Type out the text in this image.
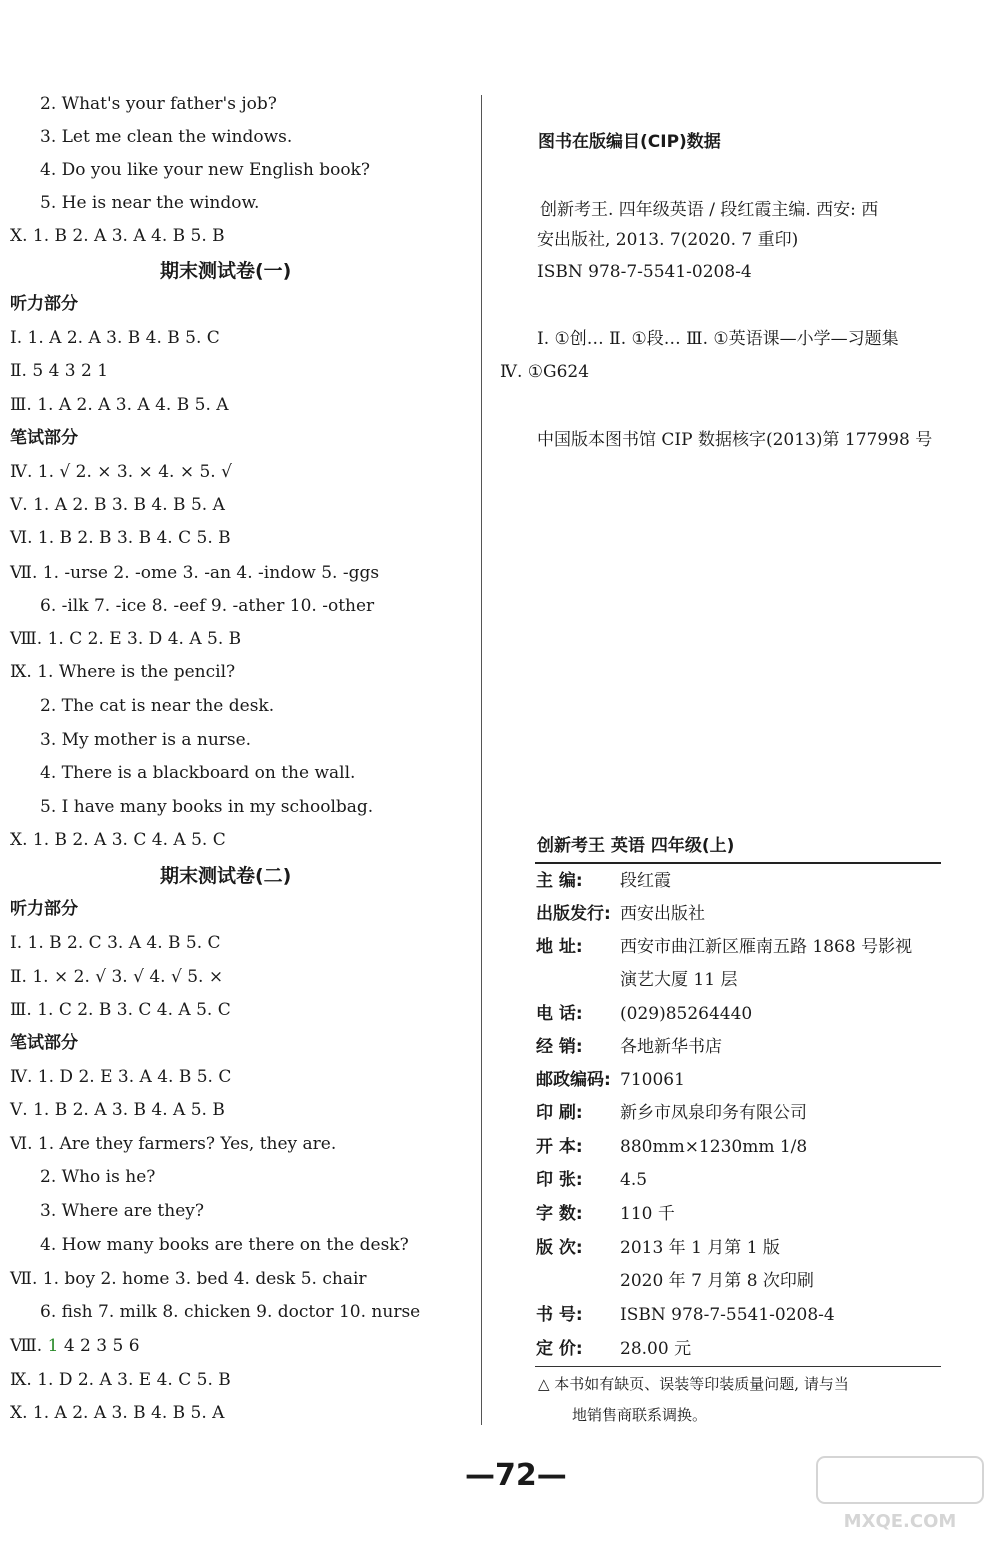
2. What's your father's job?
3. Let me clean the windows.
4. Do you like your new English book?
5. He is near the window.
Ⅹ. 1. B 2. A 3. A 4. B 5. B
期末测试卷(一)
听力部分
Ⅰ. 1. A 2. A 3. B 4. B 5. C
Ⅱ. 5 4 3 2 1
Ⅲ. 1. A 2. A 3. A 4. B 5. A
笔试部分
Ⅳ. 1. √ 2. × 3. × 4. × 5. √
Ⅴ. 1. A 2. B 3. B 4. B 5. A
Ⅵ. 1. B 2. B 3. B 4. C 5. B
Ⅶ. 1. -urse 2. -ome 3. -an 4. -indow 5. -ggs
6. -ilk 7. -ice 8. -eef 9. -ather 10. -other
Ⅷ. 1. C 2. E 3. D 4. A 5. B
Ⅸ. 1. Where is the pencil?
2. The cat is near the desk.
3. My mother is a nurse.
4. There is a blackboard on the wall.
5. I have many books in my schoolbag.
Ⅹ. 1. B 2. A 3. C 4. A 5. C
期末测试卷(二)
听力部分
Ⅰ. 1. B 2. C 3. A 4. B 5. C
Ⅱ. 1. × 2. √ 3. √ 4. √ 5. ×
Ⅲ. 1. C 2. B 3. C 4. A 5. C
笔试部分
Ⅳ. 1. D 2. E 3. A 4. B 5. C
Ⅴ. 1. B 2. A 3. B 4. A 5. B
Ⅵ. 1. Are they farmers? Yes, they are.
2. Who is he?
3. Where are they?
4. How many books are there on the desk?
Ⅶ. 1. boy 2. home 3. bed 4. desk 5. chair
6. fish 7. milk 8. chicken 9. doctor 10. nurse
Ⅷ. 1 4 2 3 5 6
Ⅸ. 1. D 2. A 3. E 4. C 5. B
Ⅹ. 1. A 2. A 3. B 4. B 5. A
图书在版编目(CIP)数据
创新考王. 四年级英语 / 段红霞主编. 西安: 西
安出版社, 2013. 7(2020. 7 重印)
ISBN 978-7-5541-0208-4
Ⅰ. ①创… Ⅱ. ①段… Ⅲ. ①英语课—小学—习题集
Ⅳ. ①G624
中国版本图书馆 CIP 数据核字(2013)第 177998 号
创新考王 英语 四年级(上)
主 编: 段红霞
出版发行: 西安出版社
地 址: 西安市曲江新区雁南五路 1868 号影视
演艺大厦 11 层
电 话: (029)85264440
经 销: 各地新华书店
邮政编码: 710061
印 刷: 新乡市凤泉印务有限公司
开 本: 880mm×1230mm 1/8
印 张: 4.5
字 数: 110 千
版 次: 2013 年 1 月第 1 版
2020 年 7 月第 8 次印刷
书 号: ISBN 978-7-5541-0208-4
定 价: 28.00 元
△ 本书如有缺页、误装等印装质量问题, 请与当
地销售商联系调换。
—72—
MXQE.COM
